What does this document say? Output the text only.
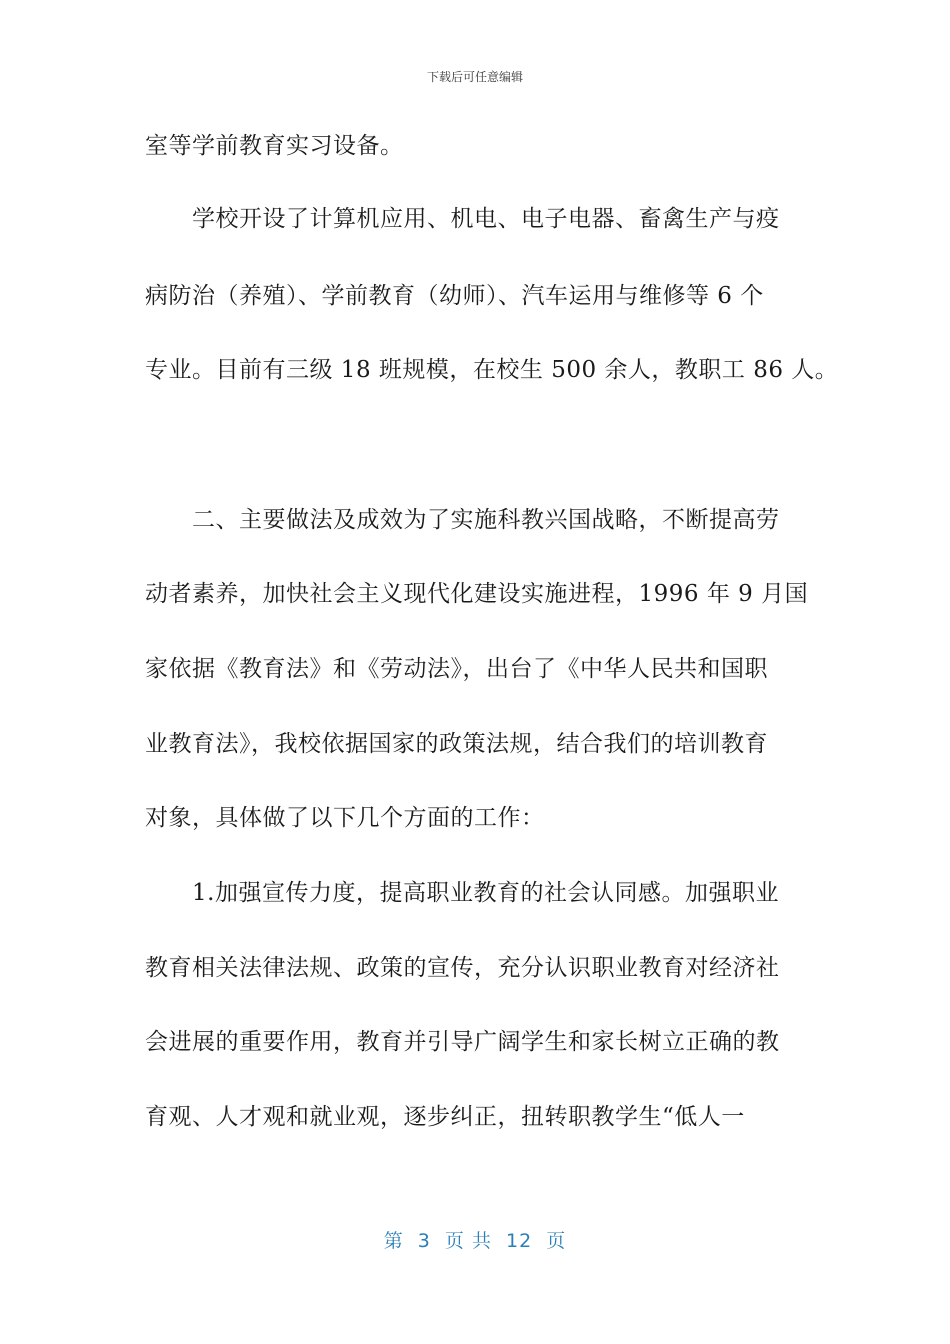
下载后可任意编辑
室等学前教育实习设备。
学校开设了计算机应用、机电、电子电器、畜禽生产与疫
病防治（养殖）、学前教育（幼师）、汽车运用与维修等 6 个
专业。目前有三级 18 班规模，在校生 500 余人，教职工 86 人。
二、主要做法及成效为了实施科教兴国战略，不断提高劳
动者素养，加快社会主义现代化建设实施进程，1996 年 9 月国
家依据《教育法》和《劳动法》，出台了《中华人民共和国职
业教育法》，我校依据国家的政策法规，结合我们的培训教育
对象，具体做了以下几个方面的工作：
1.加强宣传力度，提高职业教育的社会认同感。加强职业
教育相关法律法规、政策的宣传，充分认识职业教育对经济社
会进展的重要作用，教育并引导广阔学生和家长树立正确的教
育观、人才观和就业观，逐步纠正，扭转职教学生“低人一
第  3  页 共  12  页
